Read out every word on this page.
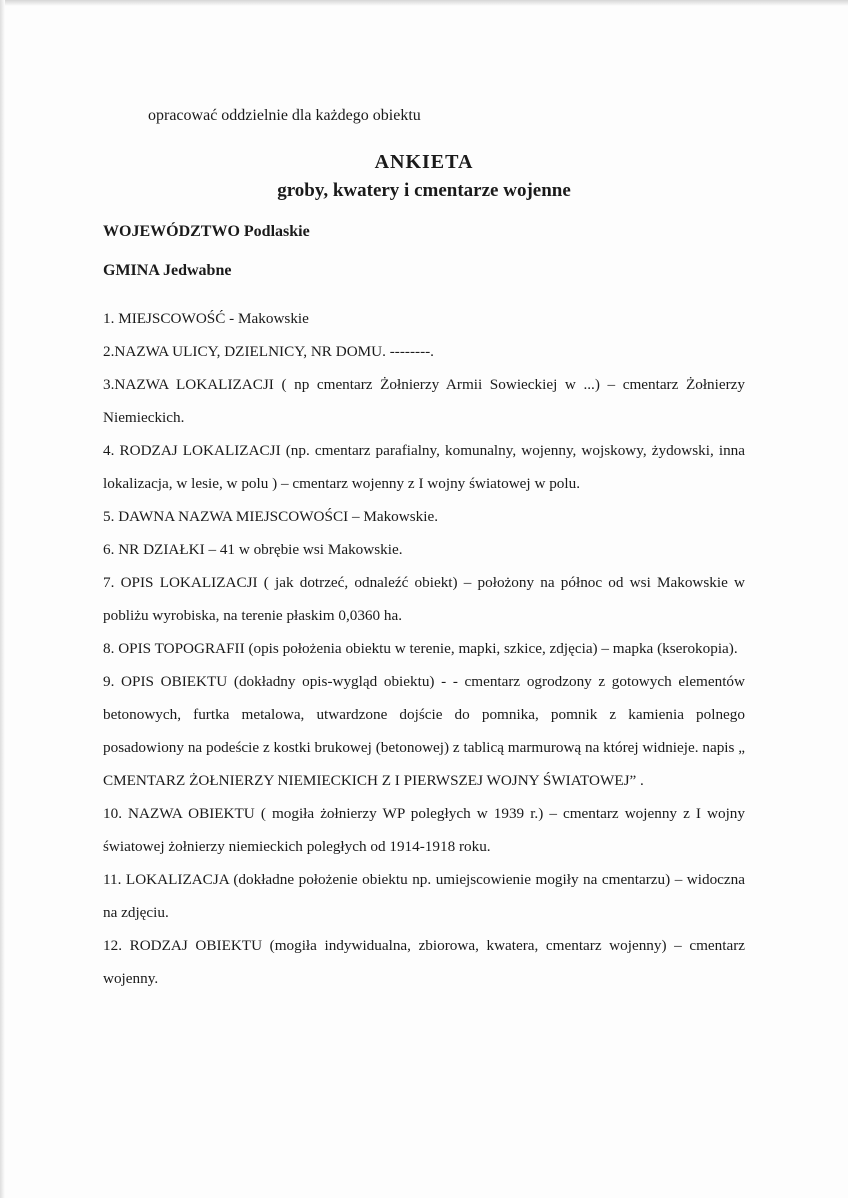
opracować oddzielnie dla każdego obiektu
ANKIETA
groby, kwatery i cmentarze wojenne
WOJEWÓDZTWO Podlaskie
GMINA Jedwabne

1. MIEJSCOWOŚĆ - Makowskie

2.NAZWA ULICY, DZIELNICY, NR DOMU. --------.

3.NAZWA LOKALIZACJI ( np cmentarz Żołnierzy Armii Sowieckiej w ...) – cmentarz Żołnierzy Niemieckich.

4. RODZAJ LOKALIZACJI (np. cmentarz parafialny, komunalny, wojenny, wojskowy, żydowski, inna lokalizacja, w lesie, w polu ) – cmentarz wojenny z I wojny światowej w polu.

5. DAWNA NAZWA MIEJSCOWOŚCI – Makowskie.

6. NR DZIAŁKI – 41 w obrębie wsi Makowskie.

7. OPIS LOKALIZACJI ( jak dotrzeć, odnaleźć obiekt) – położony na północ od wsi Makowskie w pobliżu wyrobiska, na terenie płaskim 0,0360 ha.

8. OPIS TOPOGRAFII (opis położenia obiektu w terenie, mapki, szkice, zdjęcia) – mapka (kserokopia).

9. OPIS OBIEKTU (dokładny opis-wygląd obiektu) - - cmentarz ogrodzony z gotowych elementów betonowych, furtka metalowa, utwardzone dojście do pomnika, pomnik z kamienia polnego posadowiony na podeście z kostki brukowej (betonowej) z tablicą marmurową na której widnieje. napis „ CMENTARZ ŻOŁNIERZY NIEMIECKICH Z I PIERWSZEJ WOJNY ŚWIATOWEJ” .

10. NAZWA OBIEKTU ( mogiła żołnierzy WP poległych w 1939 r.) – cmentarz wojenny z I wojny światowej żołnierzy niemieckich poległych od 1914-1918 roku.

11. LOKALIZACJA (dokładne położenie obiektu np. umiejscowienie mogiły na cmentarzu) – widoczna na zdjęciu.

12. RODZAJ OBIEKTU (mogiła indywidualna, zbiorowa, kwatera, cmentarz wojenny) – cmentarz wojenny.
